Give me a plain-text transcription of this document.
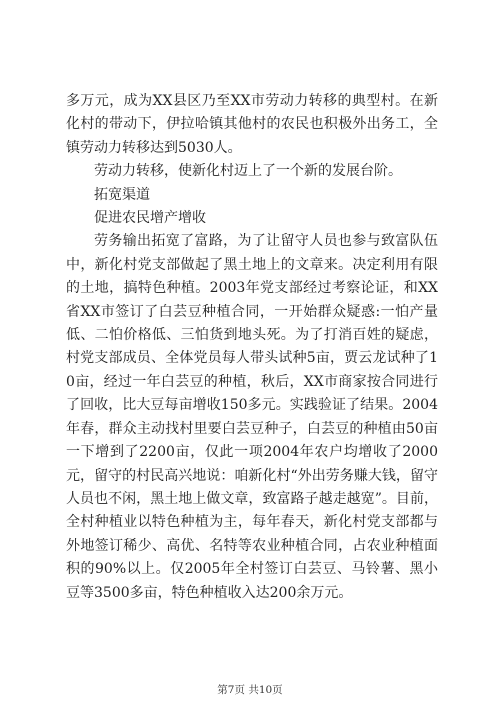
多万元，成为XX县区乃至XX市劳动力转移的典型村。在新化村的带动下，伊拉哈镇其他村的农民也积极外出务工，全镇劳动力转移达到5030人。

劳动力转移，使新化村迈上了一个新的发展台阶。

拓宽渠道

促进农民增产增收

劳务输出拓宽了富路，为了让留守人员也参与致富队伍中，新化村党支部做起了黑土地上的文章来。决定利用有限的土地，搞特色种植。2003年党支部经过考察论证，和XX省XX市签订了白芸豆种植合同，一开始群众疑惑:一怕产量低、二怕价格低、三怕货到地头死。为了打消百姓的疑虑，村党支部成员、全体党员每人带头试种5亩，贾云龙试种了10亩，经过一年白芸豆的种植，秋后，XX市商家按合同进行了回收，比大豆每亩增收150多元。实践验证了结果。2004年春，群众主动找村里要白芸豆种子，白芸豆的种植由50亩一下增到了2200亩，仅此一项2004年农户均增收了2000元，留守的村民高兴地说：咱新化村“外出劳务赚大钱，留守人员也不闲，黑土地上做文章，致富路子越走越宽”。目前，全村种植业以特色种植为主，每年春天，新化村党支部都与外地签订稀少、高优、名特等农业种植合同，占农业种植面积的90%以上。仅2005年全村签订白芸豆、马铃薯、黑小豆等3500多亩，特色种植收入达200余万元。

第7页 共10页
